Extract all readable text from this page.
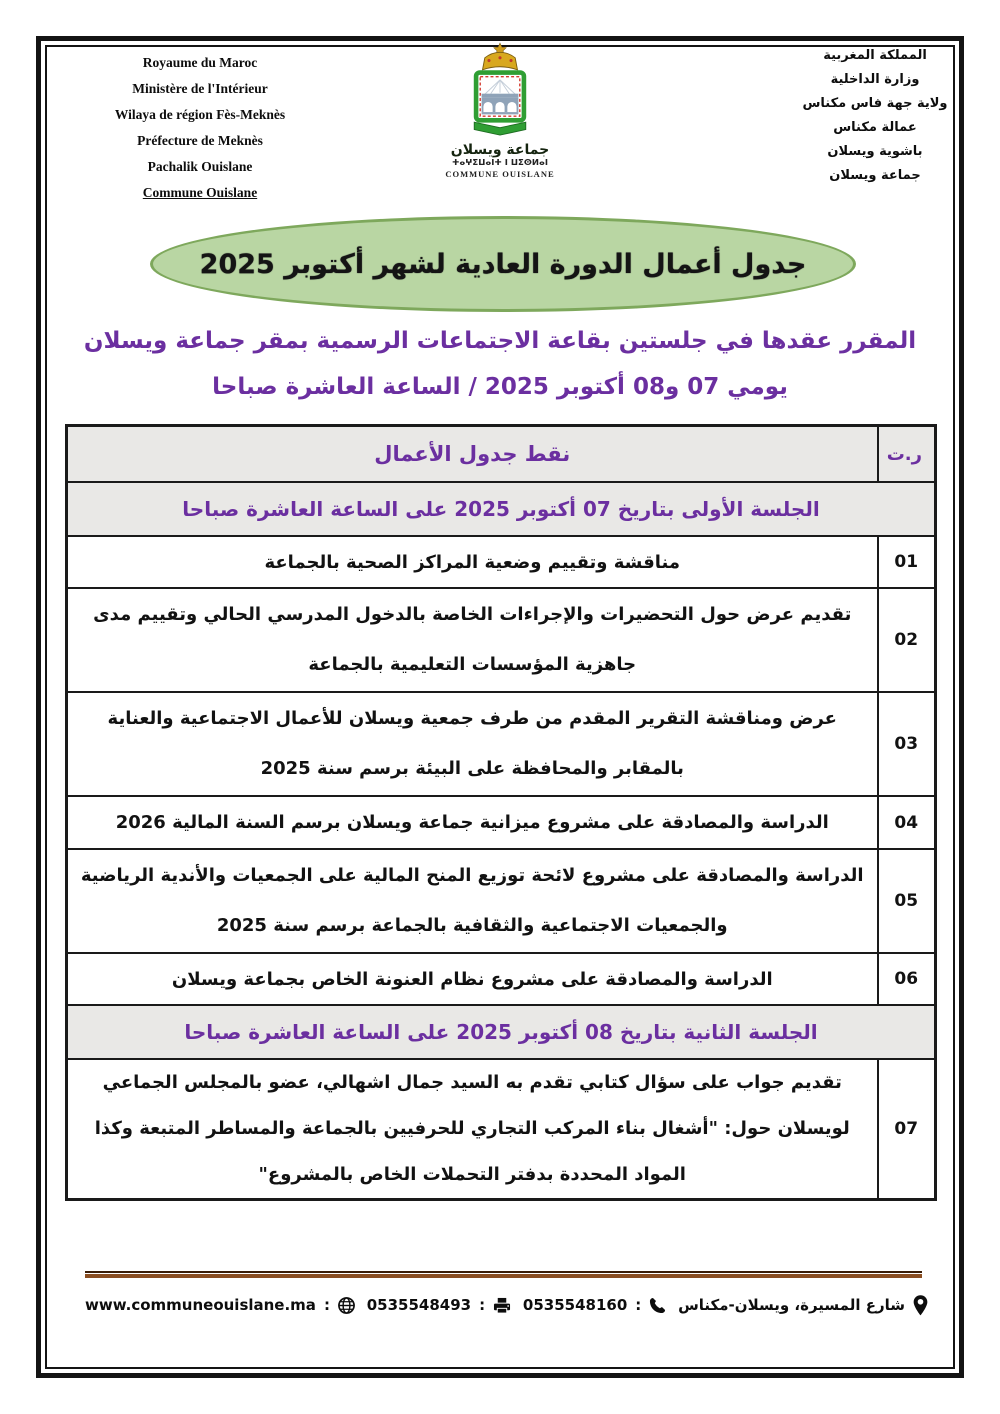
Royaume du Maroc
Ministère de l'Intérieur
Wilaya de région Fès-Meknès
Préfecture de Meknès
Pachalik Ouislane
Commune Ouislane
جماعة ويسلان
ⵜⴰⵖⵉⵡⴰⵏⵜ ⵏ ⵡⵉⵙⵍⴰⵏ
COMMUNE OUISLANE
المملكة المغربية
وزارة الداخلية
ولاية جهة فاس مكناس
عمالة مكناس
باشوية ويسلان
جماعة ويسلان
جدول أعمال الدورة العادية لشهر أكتوبر 2025
المقرر عقدها في جلستين بقاعة الاجتماعات الرسمية بمقر جماعة ويسلان
يومي 07 و08 أكتوبر 2025 / الساعة العاشرة صباحا
ر.ت	نقط جدول الأعمال
الجلسة الأولى بتاريخ 07 أكتوبر 2025 على الساعة العاشرة صباحا	
01	مناقشة وتقييم وضعية المراكز الصحية بالجماعة
02	تقديم عرض حول التحضيرات والإجراءات الخاصة بالدخول المدرسي الحالي وتقييم مدى جاهزية المؤسسات التعليمية بالجماعة
03	عرض ومناقشة التقرير المقدم من طرف جمعية ويسلان للأعمال الاجتماعية والعناية بالمقابر والمحافظة على البيئة برسم سنة 2025
04	الدراسة والمصادقة على مشروع ميزانية جماعة ويسلان برسم السنة المالية 2026
05	الدراسة والمصادقة على مشروع لائحة توزيع المنح المالية على الجمعيات والأندية الرياضية والجمعيات الاجتماعية والثقافية بالجماعة برسم سنة 2025
06	الدراسة والمصادقة على مشروع نظام العنونة الخاص بجماعة ويسلان
الجلسة الثانية بتاريخ 08 أكتوبر 2025 على الساعة العاشرة صباحا	
07	تقديم جواب على سؤال كتابي تقدم به السيد جمال اشهالي، عضو بالمجلس الجماعي لويسلان حول: "أشغال بناء المركب التجاري للحرفيين بالجماعة والمساطر المتبعة وكذا المواد المحددة بدفتر التحملات الخاص بالمشروع"
شارع المسيرة، ويسلان-مكناس
:
0535548160
:
0535548493
:
www.communeouislane.ma
